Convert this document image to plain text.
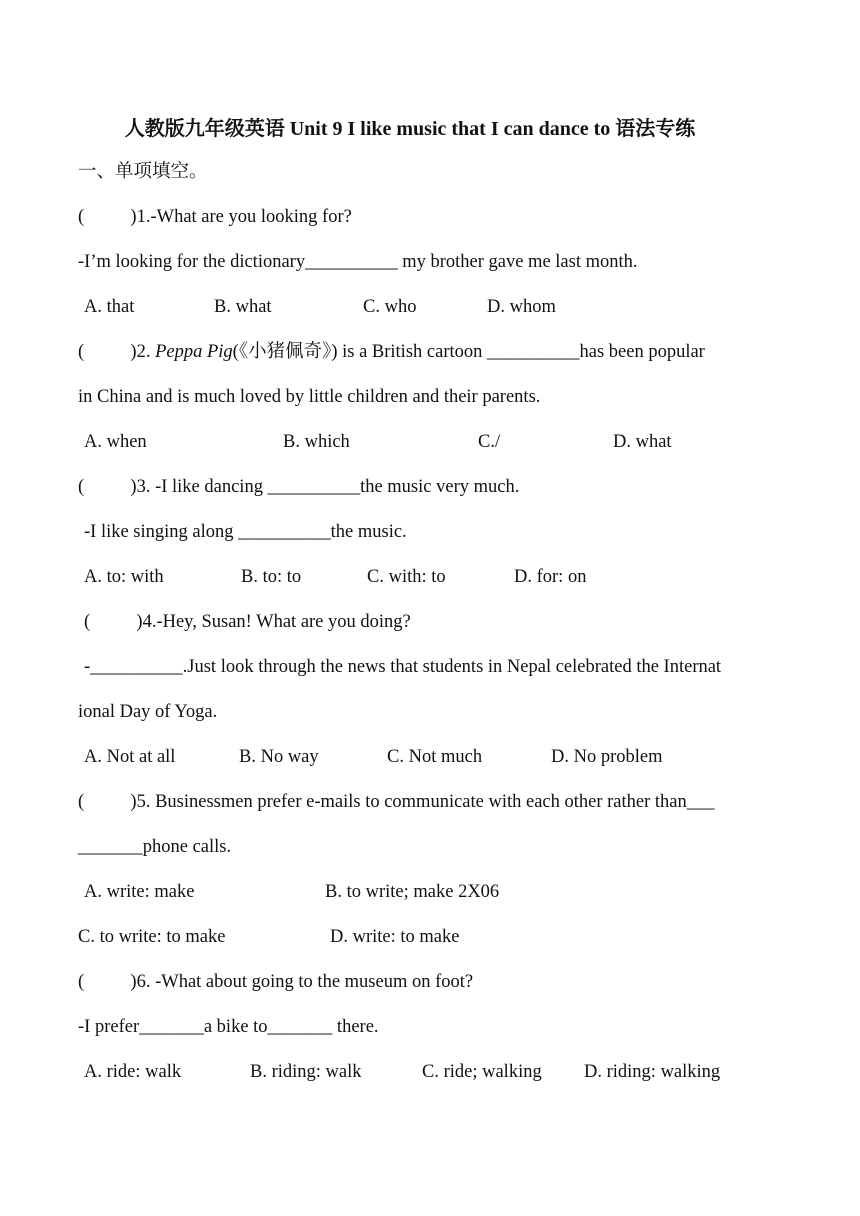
人教版九年级英语 Unit 9 I like music that I can dance to 语法专练
一、单项填空。
(          )1.-What are you looking for?
-I’m looking for the dictionary__________ my brother gave me last month.
A. that	B. what	C. who	D. whom
(          )2. Peppa Pig(《小猪佩奇》) is a British cartoon __________has been popular
in China and is much loved by little children and their parents.
A. when	B. which	C./	D. what
(          )3. -I like dancing __________the music very much.
-I like singing along __________the music.
A. to: with	B. to: to	C. with: to	D. for: on
(          )4.-Hey, Susan! What are you doing?
-__________.Just look through the news that students in Nepal celebrated the Internat
ional Day of Yoga.
A. Not at all	B. No way	C. Not much	D. No problem
(          )5. Businessmen prefer e-mails to communicate with each other rather than___
_______phone calls.
A. write: make	B. to write; make 2X06
C. to write: to make	D. write: to make
(          )6. -What about going to the museum on foot?
-I prefer_______a bike to_______ there.
A. ride: walk	B. riding: walk	C. ride; walking D. riding: walking
